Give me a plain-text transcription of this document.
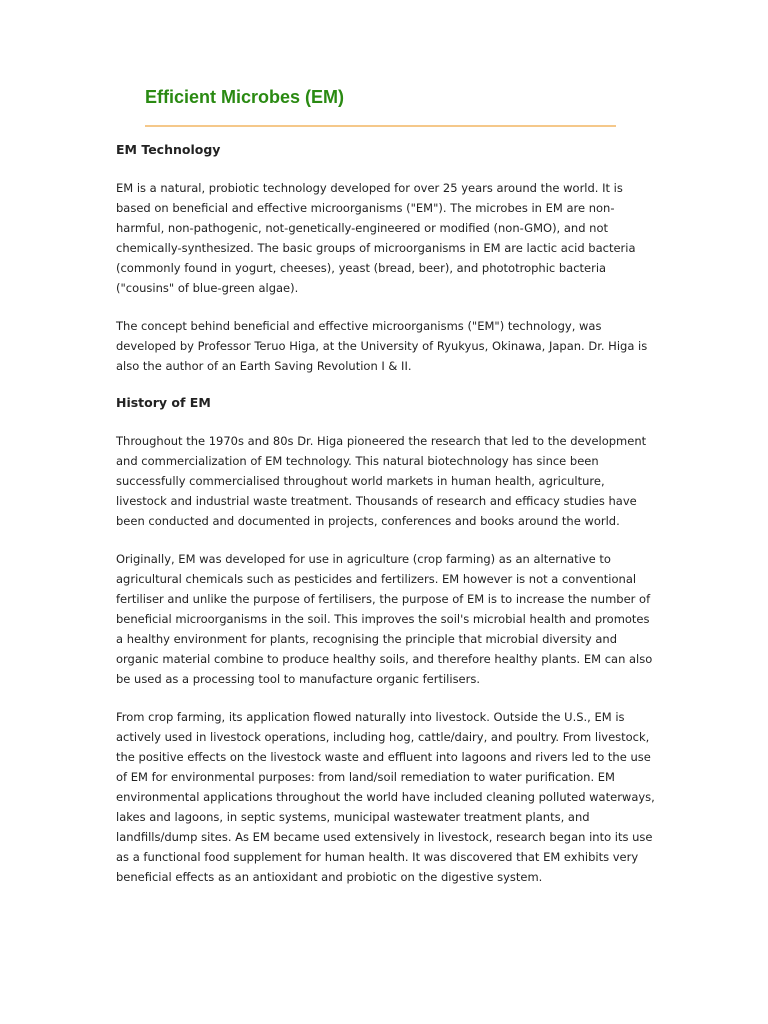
Efficient Microbes (EM)
EM Technology

EM is a natural, probiotic technology developed for over 25 years around the world. It is based on beneficial and effective microorganisms ("EM"). The microbes in EM are non-harmful, non-pathogenic, not-genetically-engineered or modified (non-GMO), and not chemically-synthesized. The basic groups of microorganisms in EM are lactic acid bacteria (commonly found in yogurt, cheeses), yeast (bread, beer), and phototrophic bacteria ("cousins" of blue-green algae).

The concept behind beneficial and effective microorganisms ("EM") technology, was developed by Professor Teruo Higa, at the University of Ryukyus, Okinawa, Japan. Dr. Higa is also the author of an Earth Saving Revolution I & II.

History of EM

Throughout the 1970s and 80s Dr. Higa pioneered the research that led to the development and commercialization of EM technology. This natural biotechnology has since been successfully commercialised throughout world markets in human health, agriculture, livestock and industrial waste treatment. Thousands of research and efficacy studies have been conducted and documented in projects, conferences and books around the world.

Originally, EM was developed for use in agriculture (crop farming) as an alternative to agricultural chemicals such as pesticides and fertilizers. EM however is not a conventional fertiliser and unlike the purpose of fertilisers, the purpose of EM is to increase the number of beneficial microorganisms in the soil. This improves the soil's microbial health and promotes a healthy environment for plants, recognising the principle that microbial diversity and organic material combine to produce healthy soils, and therefore healthy plants. EM can also be used as a processing tool to manufacture organic fertilisers.

From crop farming, its application flowed naturally into livestock. Outside the U.S., EM is actively used in livestock operations, including hog, cattle/dairy, and poultry. From livestock, the positive effects on the livestock waste and effluent into lagoons and rivers led to the use of EM for environmental purposes: from land/soil remediation to water purification. EM environmental applications throughout the world have included cleaning polluted waterways, lakes and lagoons, in septic systems, municipal wastewater treatment plants, and landfills/dump sites. As EM became used extensively in livestock, research began into its use as a functional food supplement for human health. It was discovered that EM exhibits very beneficial effects as an antioxidant and probiotic on the digestive system.
